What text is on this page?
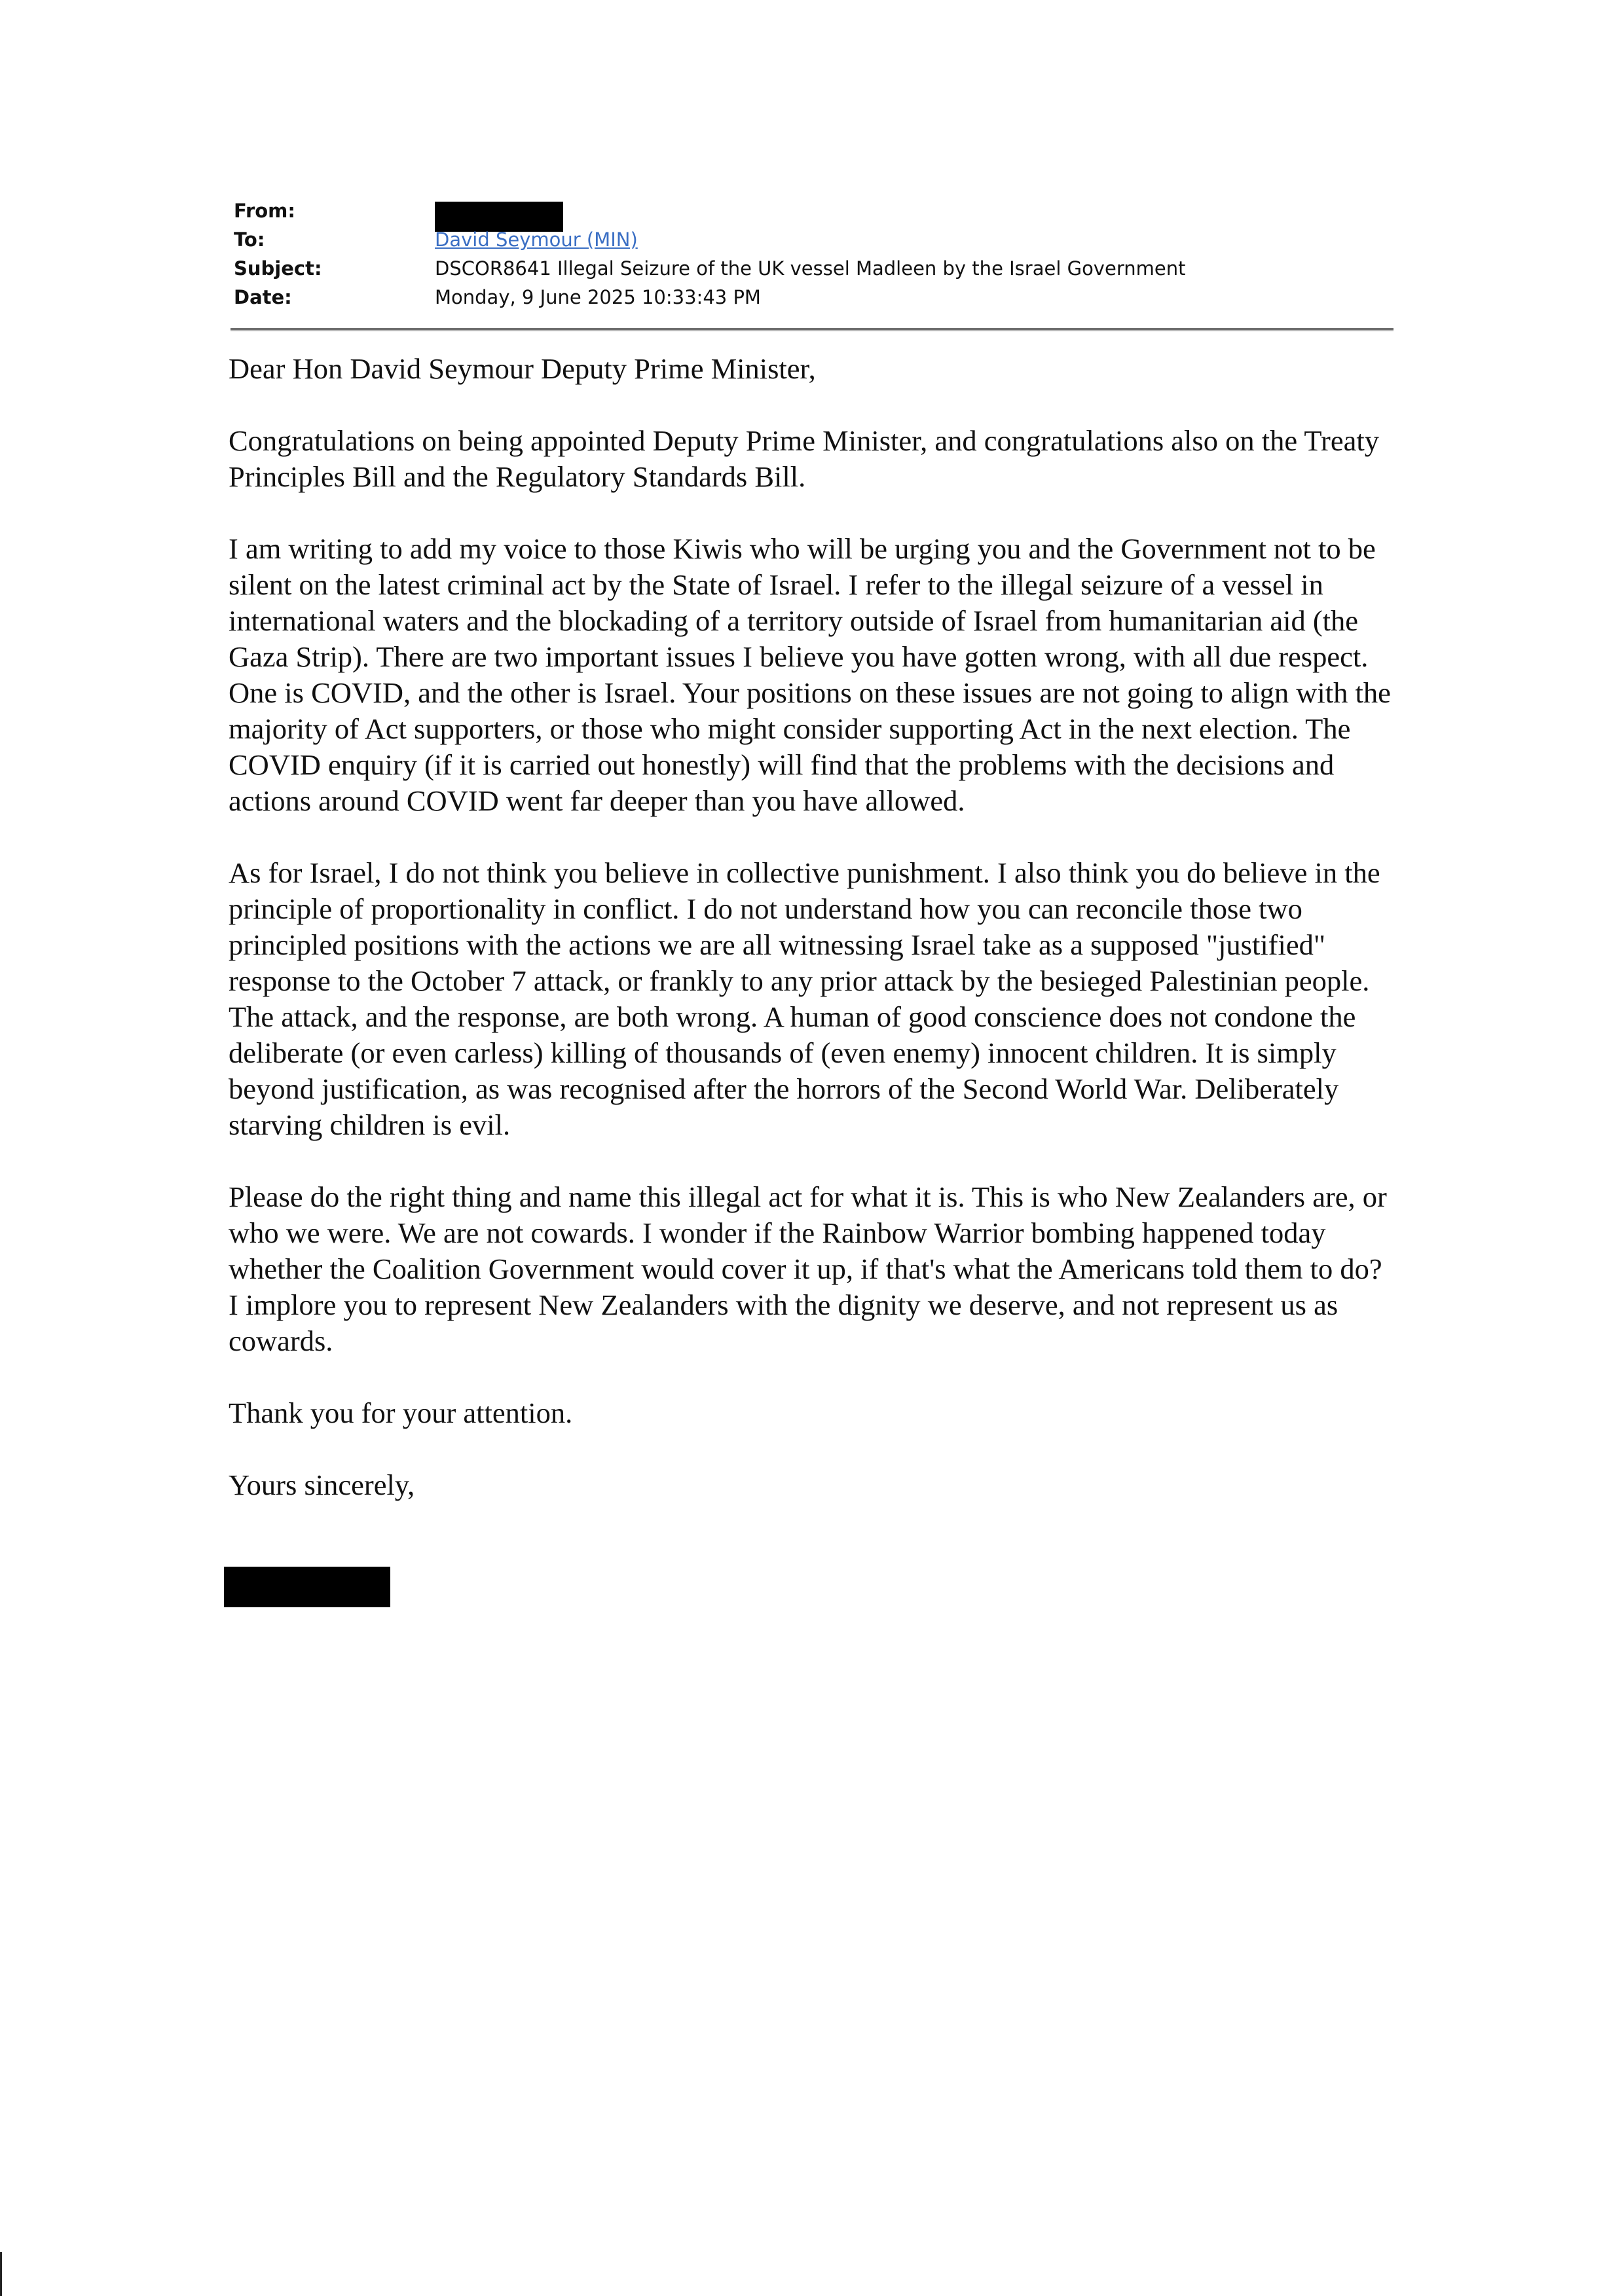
From:
To:	David Seymour (MIN)
Subject:	DSCOR8641 Illegal Seizure of the UK vessel Madleen by the Israel Government
Date:	Monday, 9 June 2025 10:33:43 PM

Dear Hon David Seymour Deputy Prime Minister,

Congratulations on being appointed Deputy Prime Minister, and congratulations also on the Treaty Principles Bill and the Regulatory Standards Bill.

I am writing to add my voice to those Kiwis who will be urging you and the Government not to be silent on the latest criminal act by the State of Israel. I refer to the illegal seizure of a vessel in international waters and the blockading of a territory outside of Israel from humanitarian aid (the Gaza Strip). There are two important issues I believe you have gotten wrong, with all due respect. One is COVID, and the other is Israel. Your positions on these issues are not going to align with the majority of Act supporters, or those who might consider supporting Act in the next election. The COVID enquiry (if it is carried out honestly) will find that the problems with the decisions and actions around COVID went far deeper than you have allowed.

As for Israel, I do not think you believe in collective punishment. I also think you do believe in the principle of proportionality in conflict. I do not understand how you can reconcile those two principled positions with the actions we are all witnessing Israel take as a supposed "justified" response to the October 7 attack, or frankly to any prior attack by the besieged Palestinian people. The attack, and the response, are both wrong. A human of good conscience does not condone the deliberate (or even carless) killing of thousands of (even enemy) innocent children. It is simply beyond justification, as was recognised after the horrors of the Second World War. Deliberately starving children is evil.

Please do the right thing and name this illegal act for what it is. This is who New Zealanders are, or who we were. We are not cowards. I wonder if the Rainbow Warrior bombing happened today whether the Coalition Government would cover it up, if that's what the Americans told them to do? I implore you to represent New Zealanders with the dignity we deserve, and not represent us as cowards.

Thank you for your attention.

Yours sincerely,
